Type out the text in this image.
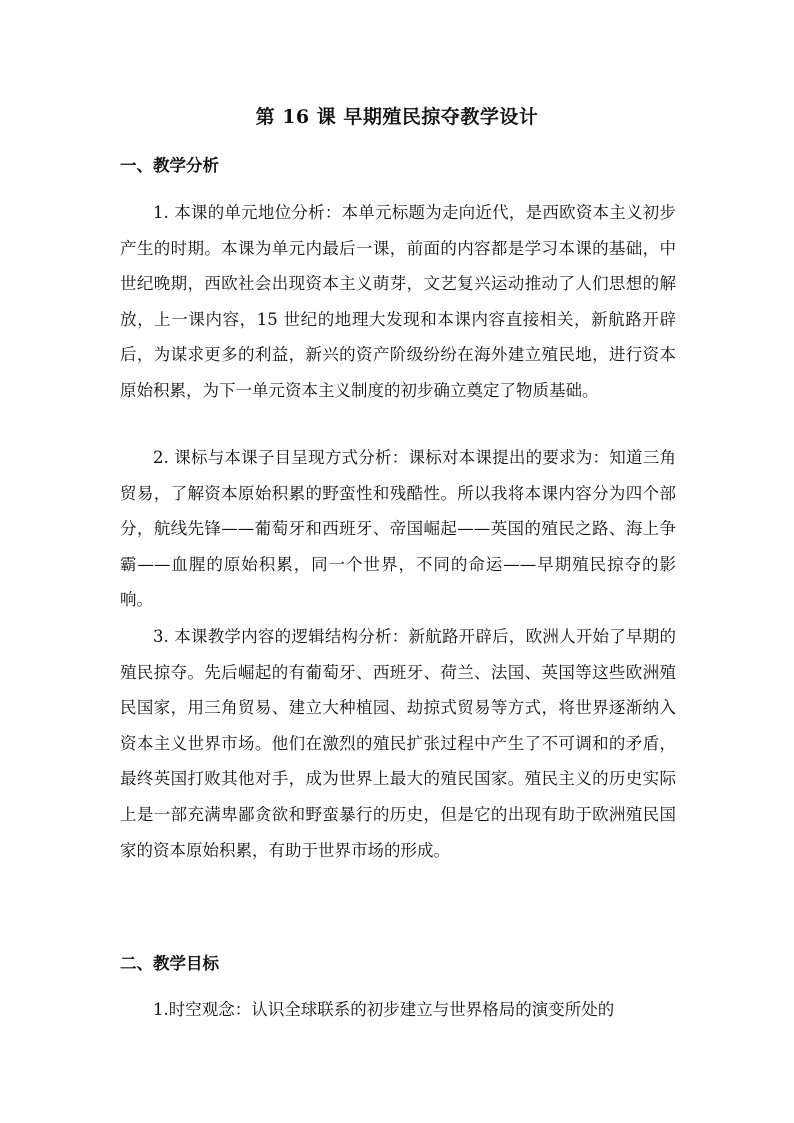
第 16 课 早期殖民掠夺教学设计
一、教学分析

1. 本课的单元地位分析：本单元标题为走向近代，是西欧资本主义初步产生的时期。本课为单元内最后一课，前面的内容都是学习本课的基础，中世纪晚期，西欧社会出现资本主义萌芽，文艺复兴运动推动了人们思想的解放，上一课内容，15 世纪的地理大发现和本课内容直接相关，新航路开辟后，为谋求更多的利益，新兴的资产阶级纷纷在海外建立殖民地，进行资本原始积累，为下一单元资本主义制度的初步确立奠定了物质基础。

2. 课标与本课子目呈现方式分析：课标对本课提出的要求为：知道三角贸易，了解资本原始积累的野蛮性和残酷性。所以我将本课内容分为四个部分，航线先锋——葡萄牙和西班牙、帝国崛起——英国的殖民之路、海上争霸——血腥的原始积累，同一个世界，不同的命运——早期殖民掠夺的影响。

3. 本课教学内容的逻辑结构分析：新航路开辟后，欧洲人开始了早期的殖民掠夺。先后崛起的有葡萄牙、西班牙、荷兰、法国、英国等这些欧洲殖民国家，用三角贸易、建立大种植园、劫掠式贸易等方式，将世界逐渐纳入资本主义世界市场。他们在激烈的殖民扩张过程中产生了不可调和的矛盾，最终英国打败其他对手，成为世界上最大的殖民国家。殖民主义的历史实际上是一部充满卑鄙贪欲和野蛮暴行的历史，但是它的出现有助于欧洲殖民国家的资本原始积累，有助于世界市场的形成。

二、教学目标

1.时空观念：认识全球联系的初步建立与世界格局的演变所处的
